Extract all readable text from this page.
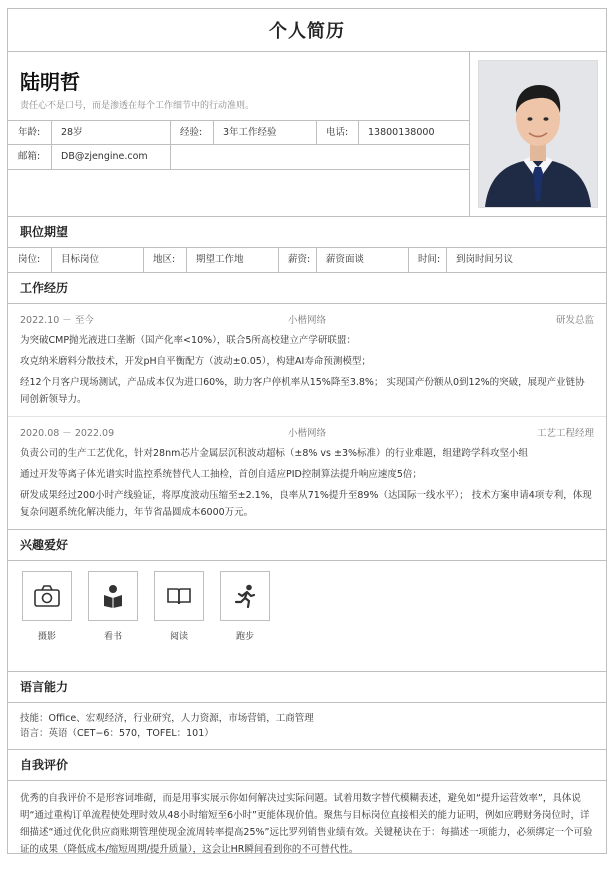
个人简历
陆明哲
责任心不是口号，而是渗透在每个工作细节中的行动准则。
年龄:	28岁	经验:	3年工作经验	电话:	13800138000
邮箱:	DB@zjengine.com
职位期望
岗位:	目标岗位	地区:	期望工作地	薪资:	薪资面谈	时间:	到岗时间另议
工作经历
2022.10 － 至今	小楷网络	研发总监

为突破CMP抛光液进口垄断（国产化率<10%），联合5所高校建立产学研联盟：

攻克纳米磨料分散技术，开发pH自平衡配方（波动±0.05），构建AI寿命预测模型；

经12个月客户现场测试，产品成本仅为进口60%，助力客户停机率从15%降至3.8%； 实现国产份额从0到12%的突破，展现产业链协同创新领导力。

2020.08 － 2022.09	小楷网络	工艺工程经理

负责公司的生产工艺优化，针对28nm芯片金属层沉积波动超标（±8% vs ±3%标准）的行业难题，组建跨学科攻坚小组

通过开发等离子体光谱实时监控系统替代人工抽检，首创自适应PID控制算法提升响应速度5倍；

研发成果经过200小时产线验证，将厚度波动压缩至±2.1%，良率从71%提升至89%（达国际一线水平）； 技术方案申请4项专利，体现复杂问题系统化解决能力，年节省晶圆成本6000万元。

兴趣爱好
摄影	看书	阅读	跑步
语言能力
技能：Office、宏观经济，行业研究，人力资源，市场营销，工商管理
语言：英语（CET−6：570，TOFEL：101）
自我评价
优秀的自我评价不是形容词堆砌，而是用事实展示你如何解决过实际问题。试着用数字替代模糊表述，避免如“提升运营效率”，具体说明“通过重构订单流程使处理时效从48小时缩短至6小时”更能体现价值。聚焦与目标岗位直接相关的能力证明，例如应聘财务岗位时，详细描述“通过优化供应商账期管理使现金流周转率提高25%”远比罗列销售业绩有效。关键秘诀在于：每描述一项能力，必须绑定一个可验证的成果（降低成本/缩短周期/提升质量），这会让HR瞬间看到你的不可替代性。
